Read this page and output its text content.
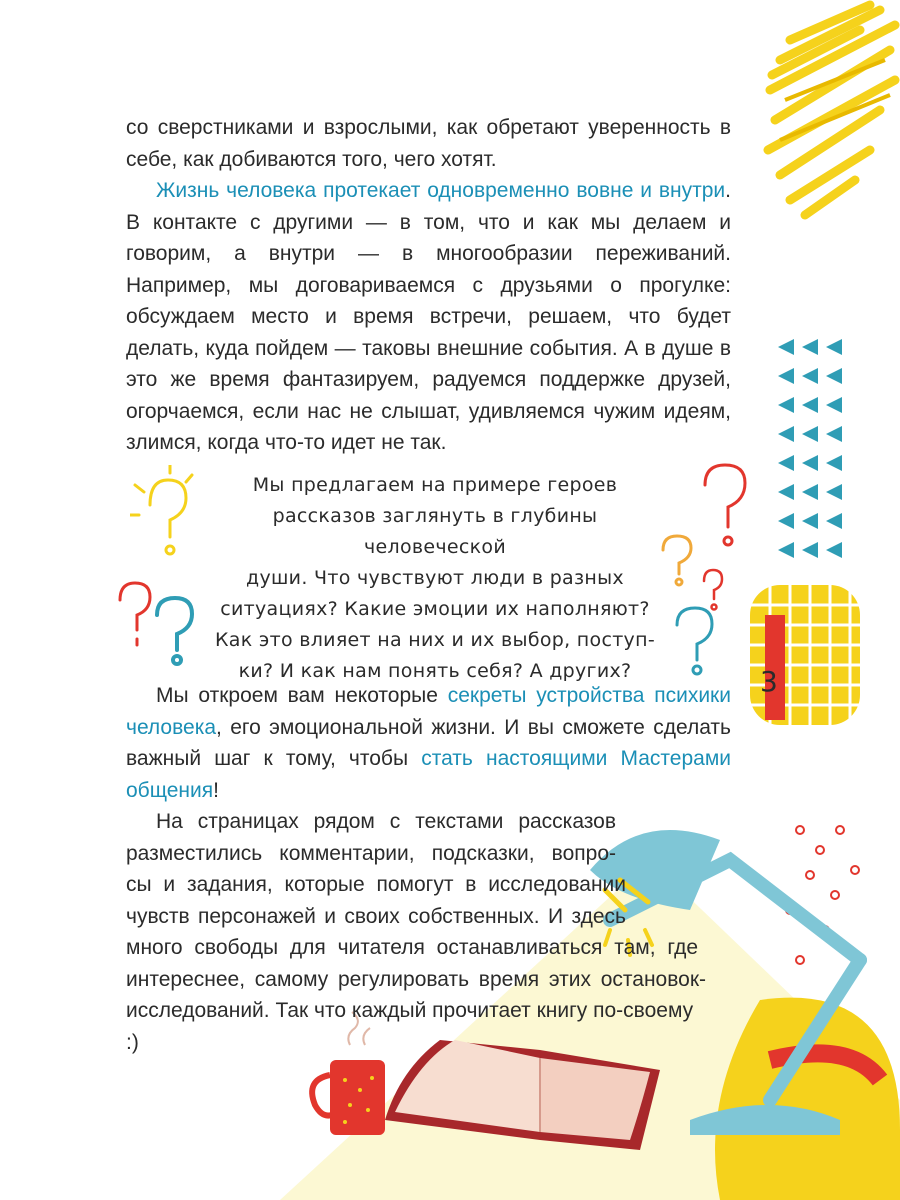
3

со сверстниками и взрослыми, как обретают уверенность в себе, как добиваются того, чего хотят.

Жизнь человека протекает одновременно вовне и внутри. В контакте с другими — в том, что и как мы делаем и говорим, а внутри — в многообразии переживаний. Например, мы договариваемся с друзьями о прогулке: обсуждаем место и время встречи, решаем, что будет делать, куда пойдем — таковы внешние события. А в душе в это же время фантазируем, радуемся поддержке друзей, огорчаемся, если нас не слышат, удивляемся чужим идеям, злимся, когда что-то идет не так.

Мы предлагаем на примере героев
рассказов заглянуть в глубины человеческой
души. Что чувствуют люди в разных
ситуациях? Какие эмоции их наполняют?
Как это влияет на них и их выбор, поступ-
ки? И как нам понять себя? А других?

Мы откроем вам некоторые секреты устройства психики человека, его эмоциональной жизни. И вы сможете сделать важный шаг к тому, чтобы стать настоящими Мастерами общения!

На страницах рядом с текстами рассказов
разместились комментарии, подсказки, вопро-
сы и задания, которые помогут в исследовании
чувств персонажей и своих собственных. И здесь
много свободы для читателя останавливаться там, где
интереснее, самому регулировать время этих остановок-
исследований. Так что каждый прочитает книгу по-своему :)
